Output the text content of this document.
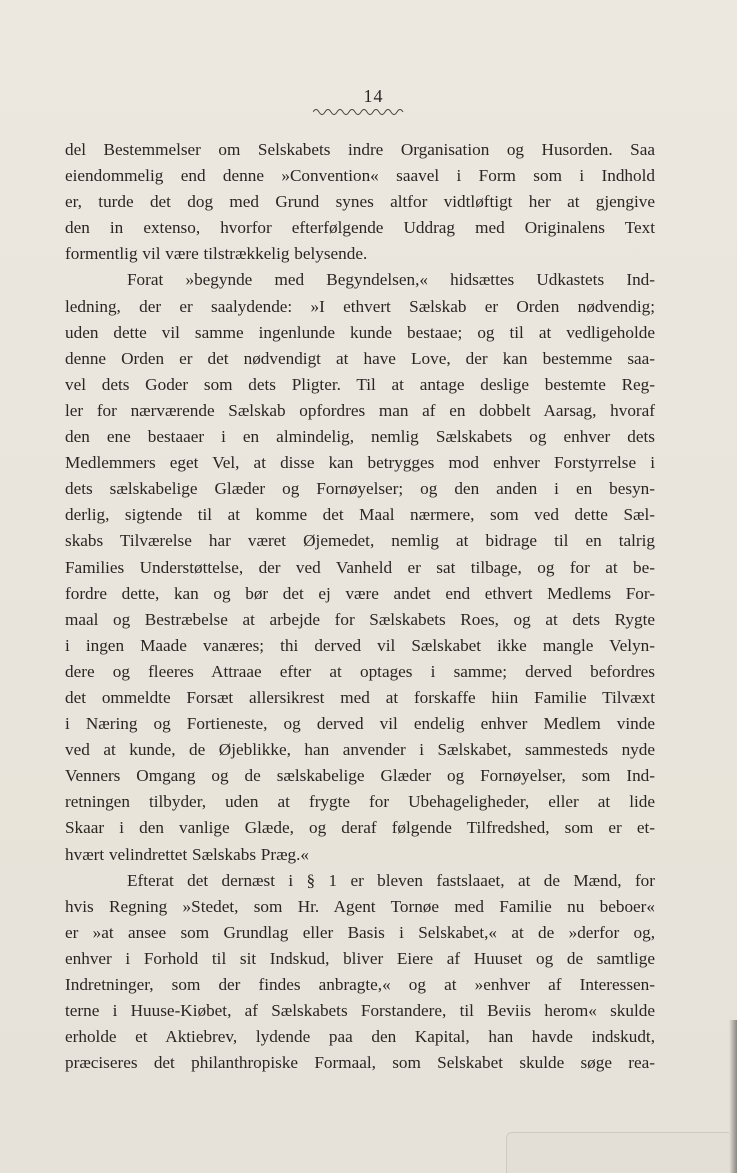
14
del Bestemmelser om Selskabets indre Organisation og Husorden. Saa
eiendommelig end denne »Convention« saavel i Form som i Indhold
er, turde det dog med Grund synes altfor vidtløftigt her at gjengive
den in extenso, hvorfor efterfølgende Uddrag med Originalens Text
formentlig vil være tilstrækkelig belysende.
Forat »begynde med Begyndelsen,« hidsættes Udkastets Ind-
ledning, der er saalydende: »I ethvert Sælskab er Orden nødvendig;
uden dette vil samme ingenlunde kunde bestaae; og til at vedligeholde
denne Orden er det nødvendigt at have Love, der kan bestemme saa-
vel dets Goder som dets Pligter. Til at antage deslige bestemte Reg-
ler for nærværende Sælskab opfordres man af en dobbelt Aarsag, hvoraf
den ene bestaaer i en almindelig, nemlig Sælskabets og enhver dets
Medlemmers eget Vel, at disse kan betrygges mod enhver Forstyrrelse i
dets sælskabelige Glæder og Fornøyelser; og den anden i en besyn-
derlig, sigtende til at komme det Maal nærmere, som ved dette Sæl-
skabs Tilværelse har været Øjemedet, nemlig at bidrage til en talrig
Families Understøttelse, der ved Vanheld er sat tilbage, og for at be-
fordre dette, kan og bør det ej være andet end ethvert Medlems For-
maal og Bestræbelse at arbejde for Sælskabets Roes, og at dets Rygte
i ingen Maade vanæres; thi derved vil Sælskabet ikke mangle Velyn-
dere og fleeres Attraae efter at optages i samme; derved befordres
det ommeldte Forsæt allersikrest med at forskaffe hiin Familie Tilvæxt
i Næring og Fortieneste, og derved vil endelig enhver Medlem vinde
ved at kunde, de Øjeblikke, han anvender i Sælskabet, sammesteds nyde
Venners Omgang og de sælskabelige Glæder og Fornøyelser, som Ind-
retningen tilbyder, uden at frygte for Ubehageligheder, eller at lide
Skaar i den vanlige Glæde, og deraf følgende Tilfredshed, som er et-
hvært velindrettet Sælskabs Præg.«
Efterat det dernæst i § 1 er bleven fastslaaet, at de Mænd, for
hvis Regning »Stedet, som Hr. Agent Tornøe med Familie nu beboer«
er »at ansee som Grundlag eller Basis i Selskabet,« at de »derfor og,
enhver i Forhold til sit Indskud, bliver Eiere af Huuset og de samtlige
Indretninger, som der findes anbragte,« og at »enhver af Interessen-
terne i Huuse-Kiøbet, af Sælskabets Forstandere, til Beviis herom« skulde
erholde et Aktiebrev, lydende paa den Kapital, han havde indskudt,
præciseres det philanthropiske Formaal, som Selskabet skulde søge rea-
